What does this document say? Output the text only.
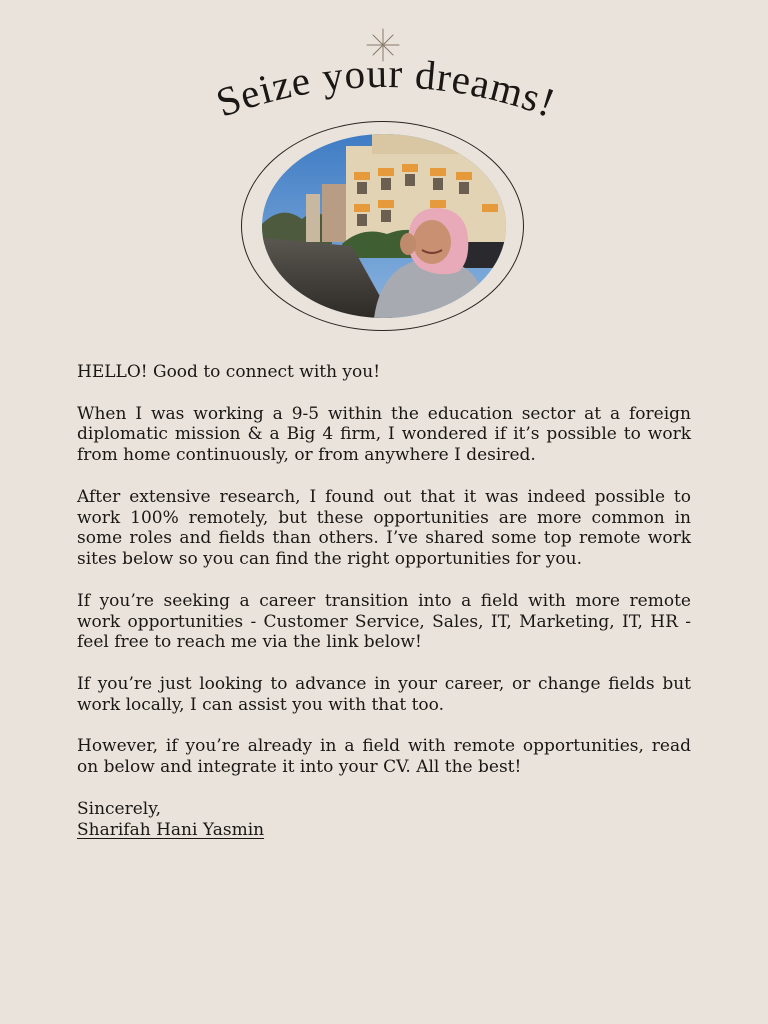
Seize your dreams!

HELLO! Good to connect with you!

When I was working a 9-5 within the education sector at a foreign diplomatic mission & a Big 4 firm, I wondered if it’s possible to work from home continuously, or from anywhere I desired.

After extensive research, I found out that it was indeed possible to work 100% remotely, but these opportunities are more common in some roles and fields than others. I’ve shared some top remote work sites below so you can find the right opportunities for you.

If you’re seeking a career transition into a field with more remote work opportunities - Customer Service, Sales, IT, Marketing, IT, HR - feel free to reach me via the link below!

If you’re just looking to advance in your career, or change fields but work locally, I can assist you with that too.

However, if you’re already in a field with remote opportunities, read on below and integrate it into your CV. All the best!

Sincerely,

Sharifah Hani Yasmin
